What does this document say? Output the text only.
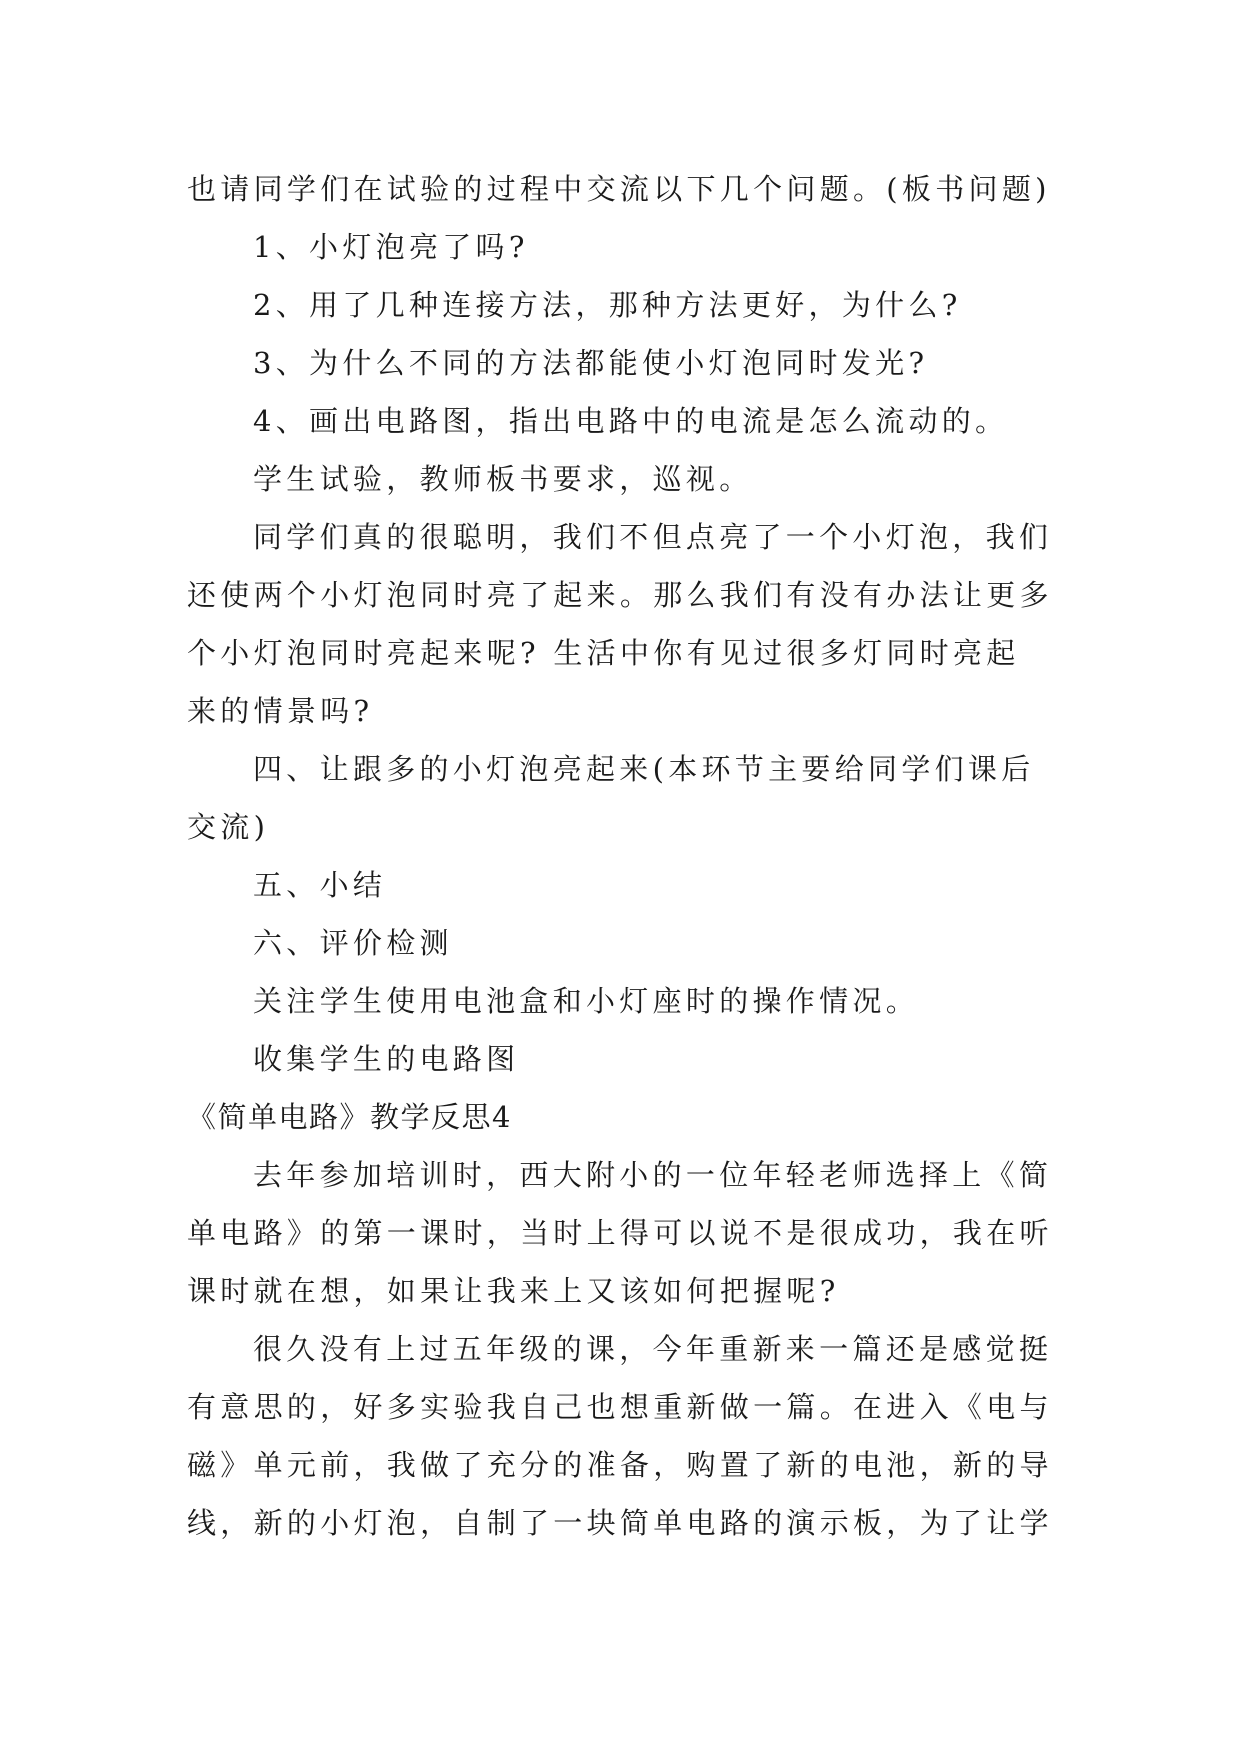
也请同学们在试验的过程中交流以下几个问题。(板书问题)
1、小灯泡亮了吗?
2、用了几种连接方法，那种方法更好，为什么?
3、为什么不同的方法都能使小灯泡同时发光?
4、画出电路图，指出电路中的电流是怎么流动的。
学生试验，教师板书要求，巡视。
同学们真的很聪明，我们不但点亮了一个小灯泡，我们
还使两个小灯泡同时亮了起来。那么我们有没有办法让更多
个小灯泡同时亮起来呢? 生活中你有见过很多灯同时亮起
来的情景吗?
四、让跟多的小灯泡亮起来(本环节主要给同学们课后
交流)
五、小结
六、评价检测
关注学生使用电池盒和小灯座时的操作情况。
收集学生的电路图
《简单电路》教学反思4
去年参加培训时，西大附小的一位年轻老师选择上《简
单电路》的第一课时，当时上得可以说不是很成功，我在听
课时就在想，如果让我来上又该如何把握呢?
很久没有上过五年级的课，今年重新来一篇还是感觉挺
有意思的，好多实验我自己也想重新做一篇。在进入《电与
磁》单元前，我做了充分的准备，购置了新的电池，新的导
线，新的小灯泡，自制了一块简单电路的演示板，为了让学
